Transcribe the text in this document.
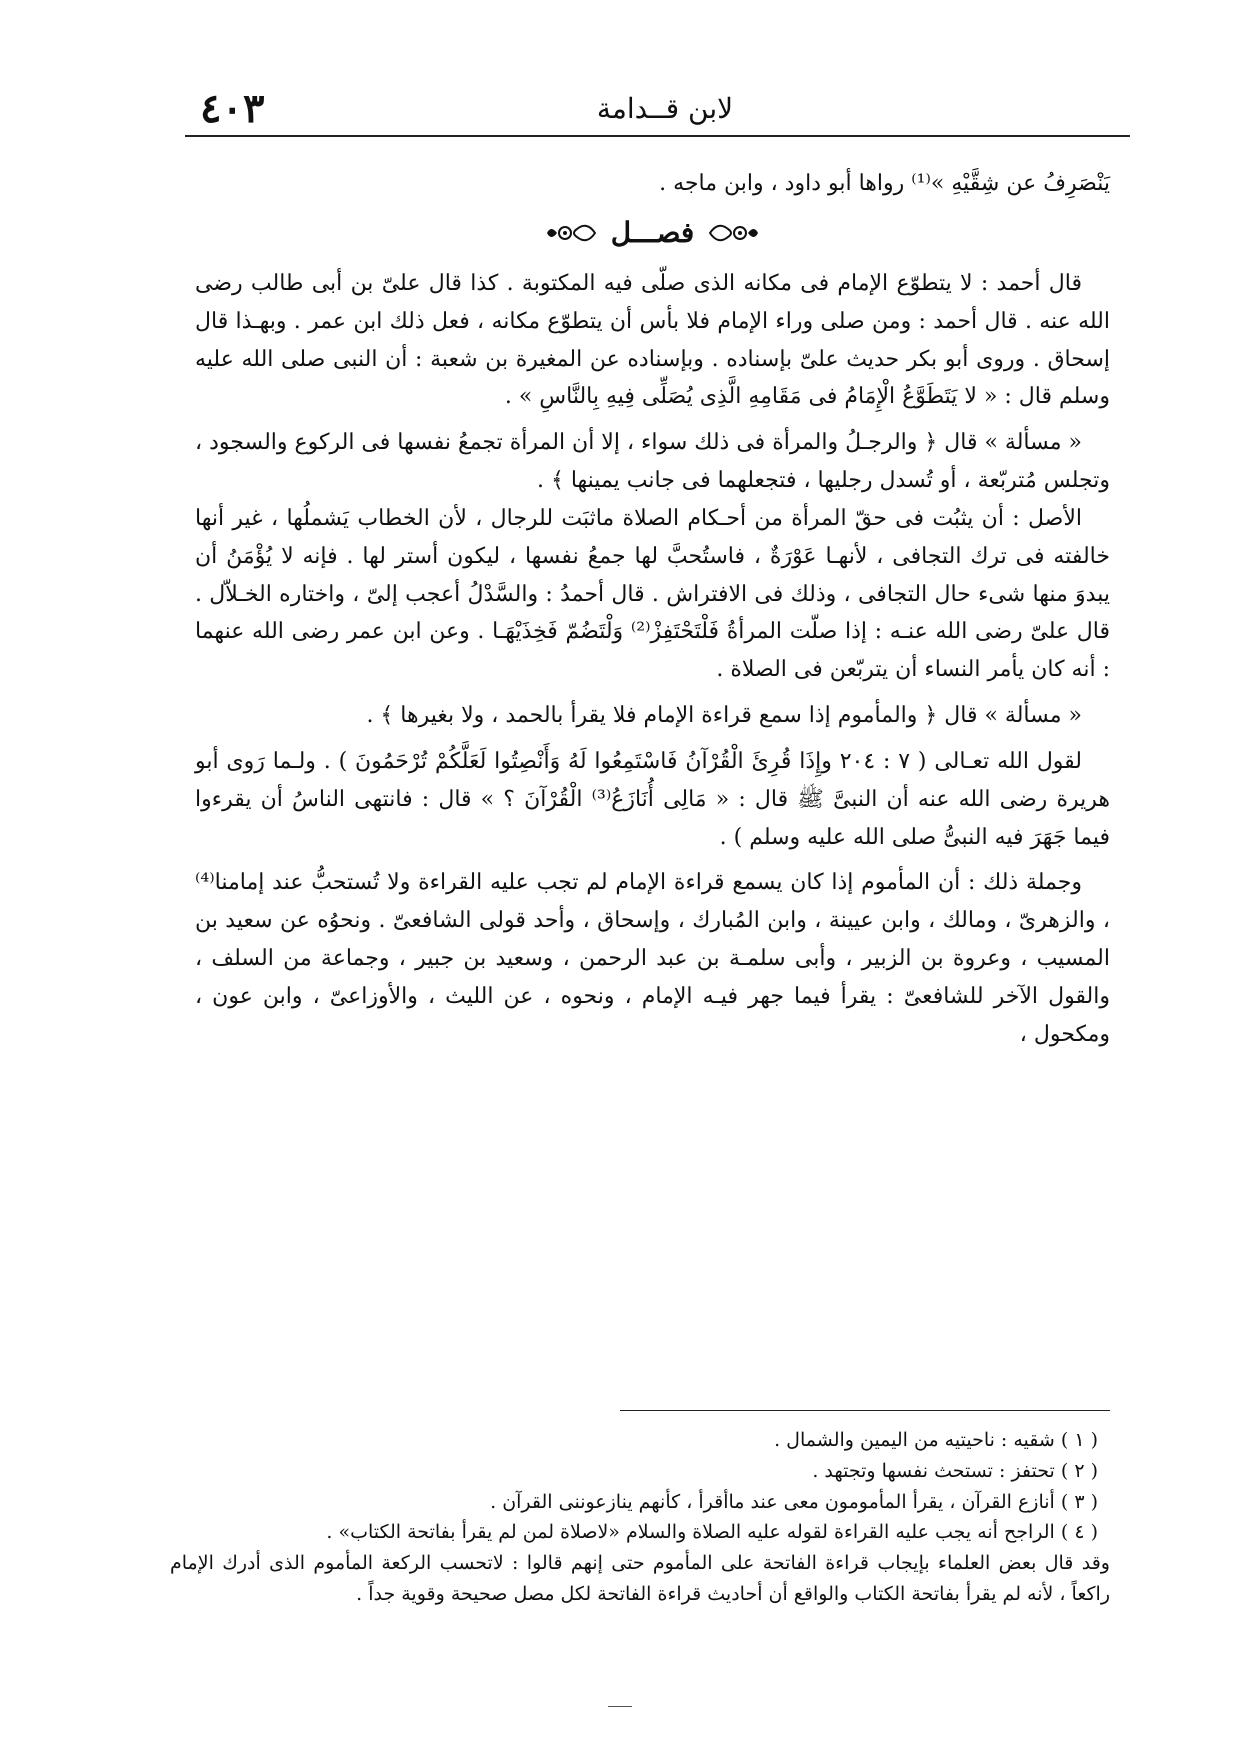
لابن قــدامة
٤٠٣

يَنْصَرِفُ عن شِقَّيْهِ »⁽¹⁾ رواها أبو داود ، وابن ماجه .

فصـــل

قال أحمد : لا يتطوّع الإمام فى مكانه الذى صلّى فيه المكتوبة . كذا قال علىّ بن أبى طالب رضى الله عنه . قال أحمد : ومن صلى وراء الإمام فلا بأس أن يتطوّع مكانه ، فعل ذلك ابن عمر . وبهـذا قال إسحاق . وروى أبو بكر حديث علىّ بإسناده . وبإسناده عن المغيرة بن شعبة : أن النبى صلى الله عليه وسلم قال : « لا يَتَطَوَّعُ الْإِمَامُ فى مَقَامِهِ الَّذِى يُصَلِّى فِيهِ بِالنَّاسِ » .

« مسألة » قال ﴿ والرجـلُ والمرأة فى ذلك سواء ، إلا أن المرأة تجمعُ نفسها فى الركوع والسجود ، وتجلس مُتربّعة ، أو تُسدل رجليها ، فتجعلهما فى جانب يمينها ﴾ .

الأصل : أن يثبُت فى حقّ المرأة من أحـكام الصلاة ماثبَت للرجال ، لأن الخطاب يَشملُها ، غير أنها خالفته فى ترك التجافى ، لأنهـا عَوْرَةٌ ، فاستُحبَّ لها جمعُ نفسها ، ليكون أستر لها . فإنه لا يُؤْمَنُ أن يبدوَ منها شىء حال التجافى ، وذلك فى الافتراش . قال أحمدُ : والسَّدْلُ أعجب إلىّ ، واختاره الخـلاّل . قال علىّ رضى الله عنـه : إذا صلّت المرأةُ فَلْتَحْتَفِزْ⁽²⁾ وَلْتَضُمّ فَخِذَيْهَـا . وعن ابن عمر رضى الله عنهما : أنه كان يأمر النساء أن يتربّعن فى الصلاة .

« مسألة » قال ﴿ والمأموم إذا سمع قراءة الإمام فلا يقرأ بالحمد ، ولا بغيرها ﴾ .

لقول الله تعـالى ( ٧ : ٢٠٤ وإِذَا قُرِئَ الْقُرْآنُ فَاسْتَمِعُوا لَهُ وَأَنْصِتُوا لَعَلَّكُمْ تُرْحَمُونَ ) . ولـما رَوى أبو هريرة رضى الله عنه أن النبىَّ ﷺ قال : « مَالِى أُنَازَعُ⁽³⁾ الْقُرْآنَ ؟ » قال : فانتهى الناسُ أن يقرءوا فيما جَهَرَ فيه النبىُّ صلى الله عليه وسلم ) .

وجملة ذلك : أن المأموم إذا كان يسمع قراءة الإمام لم تجب عليه القراءة ولا تُستحبُّ عند إمامنا⁽⁴⁾ ، والزهرىّ ، ومالك ، وابن عيينة ، وابن المُبارك ، وإسحاق ، وأحد قولى الشافعىّ . ونحوُه عن سعيد بن المسيب ، وعروة بن الزبير ، وأبى سلمـة بن عبد الرحمن ، وسعيد بن جبير ، وجماعة من السلف ، والقول الآخر للشافعىّ : يقرأ فيما جهر فيـه الإمام ، ونحوه ، عن الليث ، والأوزاعىّ ، وابن عون ، ومكحول ،

( ١ ) شقيه : ناحيتيه من اليمين والشمال .

( ٢ ) تحتفز : تستحث نفسها وتجتهد .

( ٣ ) أنازع القرآن ، يقرأ المأمومون معى عند ماأقرأ ، كأنهم ينازعوننى القرآن .

( ٤ ) الراجح أنه يجب عليه القراءة لقوله عليه الصلاة والسلام «لاصلاة لمن لم يقرأ بفاتحة الكتاب» .

وقد قال بعض العلماء بإيجاب قراءة الفاتحة على المأموم حتى إنهم قالوا : لاتحسب الركعة المأموم الذى أدرك الإمام راكعاً ، لأنه لم يقرأ بفاتحة الكتاب والواقع أن أحاديث قراءة الفاتحة لكل مصل صحيحة وقوية جداً .
